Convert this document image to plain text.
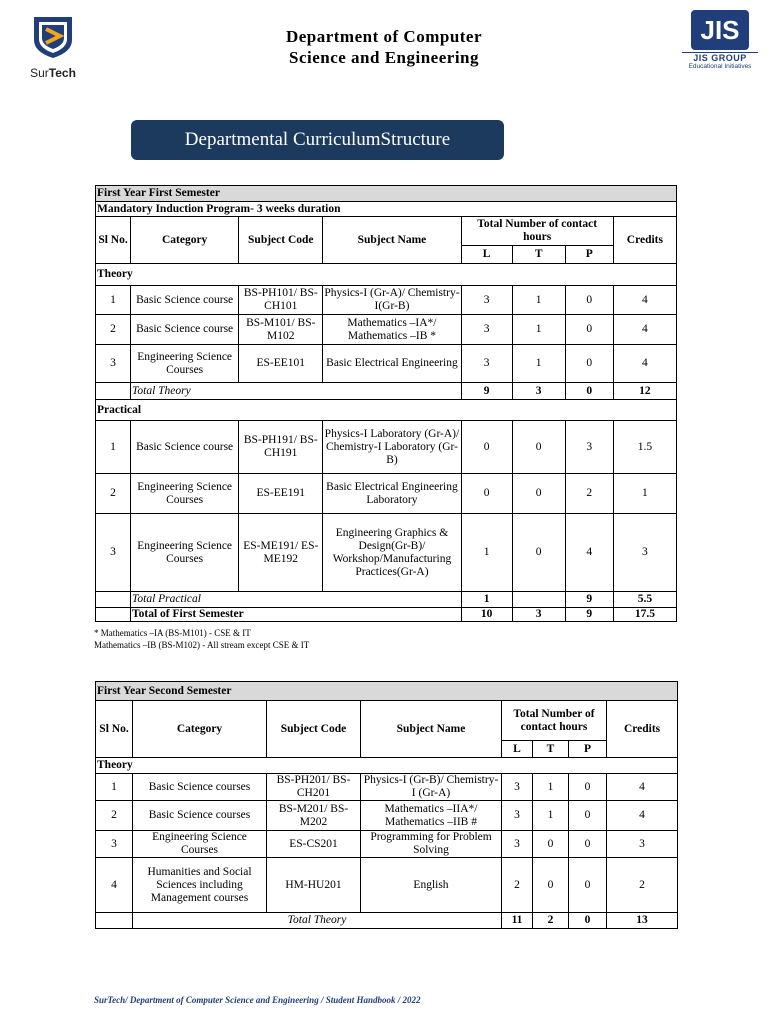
SurTech
Department of Computer
Science and Engineering
JIS
JIS GROUP
Educational Initiatives
Departmental CurriculumStructure
First Year First Semester							
Mandatory Induction Program- 3 weeks duration							
Sl No.	Category	Subject Code	Subject Name	Total Number of contact hours			Credits
				L	T	P	
Theory							
1	Basic Science course	BS-PH101/ BS-CH101	Physics-I (Gr-A)/ Chemistry-I(Gr-B)	3	1	0	4
2	Basic Science course	BS-M101/ BS-M102	Mathematics –IA*/ Mathematics –IB *	3	1	0	4
3	Engineering Science Courses	ES-EE101	Basic Electrical Engineering	3	1	0	4
	Total Theory			9	3	0	12
Practical							
1	Basic Science course	BS-PH191/ BS-CH191	Physics-I Laboratory (Gr-A)/ Chemistry-I Laboratory (Gr-B)	0	0	3	1.5
2	Engineering Science Courses	ES-EE191	Basic Electrical Engineering Laboratory	0	0	2	1
3	Engineering Science Courses	ES-ME191/ ES-ME192	Engineering Graphics & Design(Gr-B)/ Workshop/Manufacturing Practices(Gr-A)	1	0	4	3
	Total Practical			1		9	5.5
	Total of First Semester			10	3	9	17.5
* Mathematics –IA (BS-M101) - CSE & IT
Mathematics –IB (BS-M102) - All stream except CSE & IT
First Year Second Semester							
Sl No.	Category	Subject Code	Subject Name	Total Number of contact hours			Credits
				L	T	P	
Theory							
1	Basic Science courses	BS-PH201/ BS-CH201	Physics-I (Gr-B)/ Chemistry-I (Gr-A)	3	1	0	4
2	Basic Science courses	BS-M201/ BS-M202	Mathematics –IIA*/ Mathematics –IIB #	3	1	0	4
3	Engineering Science Courses	ES-CS201	Programming for Problem Solving	3	0	0	3
4	Humanities and Social Sciences including Management courses	HM-HU201	English	2	0	0	2
	Total Theory			11	2	0	13
SurTech/ Department of Computer Science and Engineering / Student Handbook / 2022
